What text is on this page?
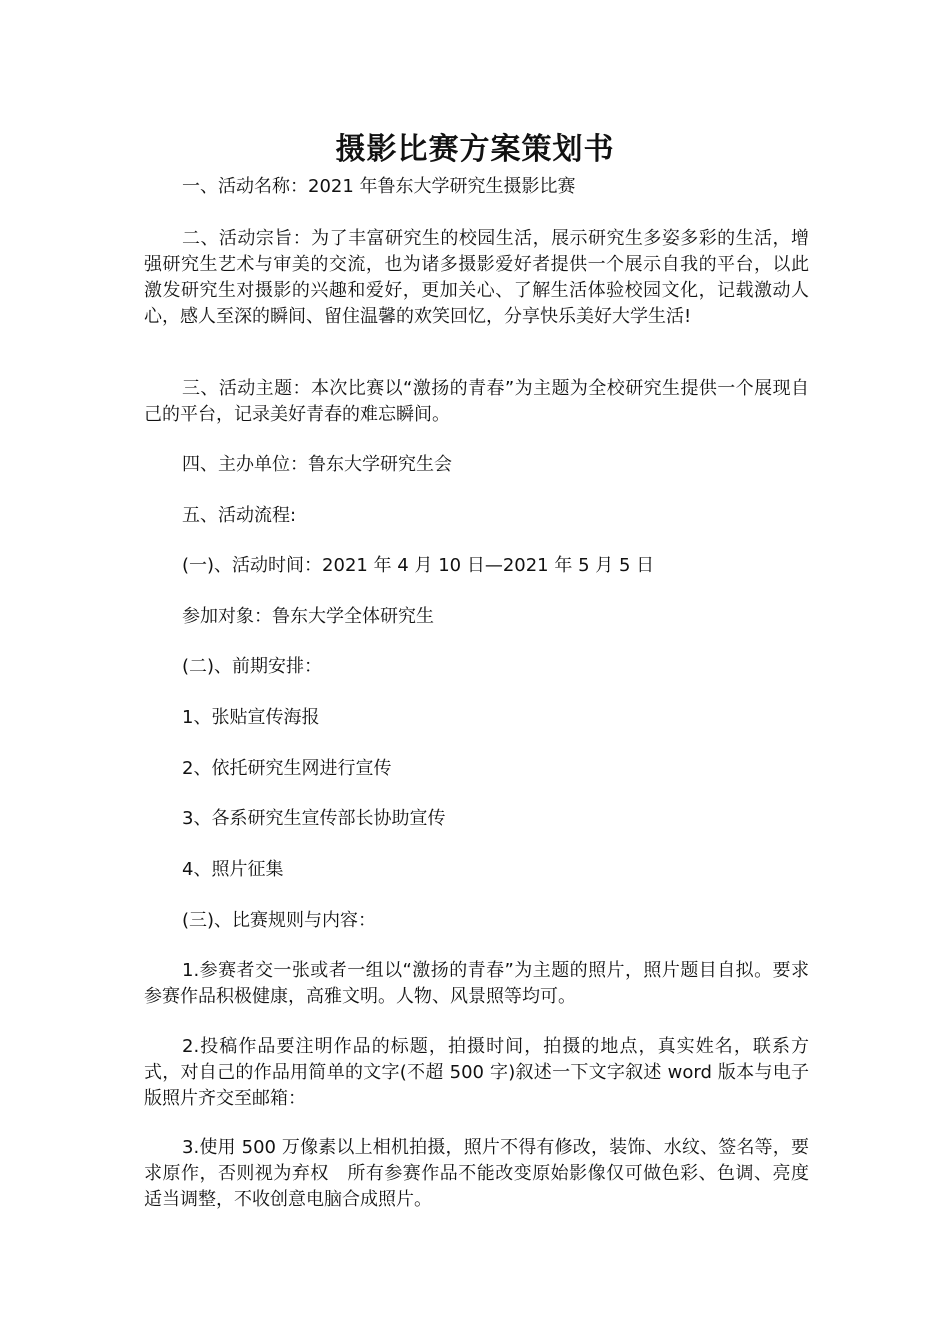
摄影比赛方案策划书

一、活动名称：2021 年鲁东大学研究生摄影比赛

二、活动宗旨：为了丰富研究生的校园生活，展示研究生多姿多彩的生活，增强研究生艺术与审美的交流，也为诸多摄影爱好者提供一个展示自我的平台，以此激发研究生对摄影的兴趣和爱好，更加关心、了解生活体验校园文化，记载激动人心，感人至深的瞬间、留住温馨的欢笑回忆，分享快乐美好大学生活!

三、活动主题：本次比赛以“激扬的青春”为主题为全校研究生提供一个展现自己的平台，记录美好青春的难忘瞬间。

四、主办单位：鲁东大学研究生会

五、活动流程:

(一)、活动时间：2021 年 4 月 10 日—2021 年 5 月 5 日

参加对象：鲁东大学全体研究生

(二)、前期安排：

1、张贴宣传海报

2、依托研究生网进行宣传

3、各系研究生宣传部长协助宣传

4、照片征集

(三)、比赛规则与内容：

1.参赛者交一张或者一组以“激扬的青春”为主题的照片，照片题目自拟。要求参赛作品积极健康，高雅文明。人物、风景照等均可。

2.投稿作品要注明作品的标题，拍摄时间，拍摄的地点，真实姓名，联系方式，对自己的作品用简单的文字(不超 500 字)叙述一下文字叙述 word 版本与电子版照片齐交至邮箱：

3.使用 500 万像素以上相机拍摄，照片不得有修改，装饰、水纹、签名等，要求原作，否则视为弃权　所有参赛作品不能改变原始影像仅可做色彩、色调、亮度适当调整，不收创意电脑合成照片。
